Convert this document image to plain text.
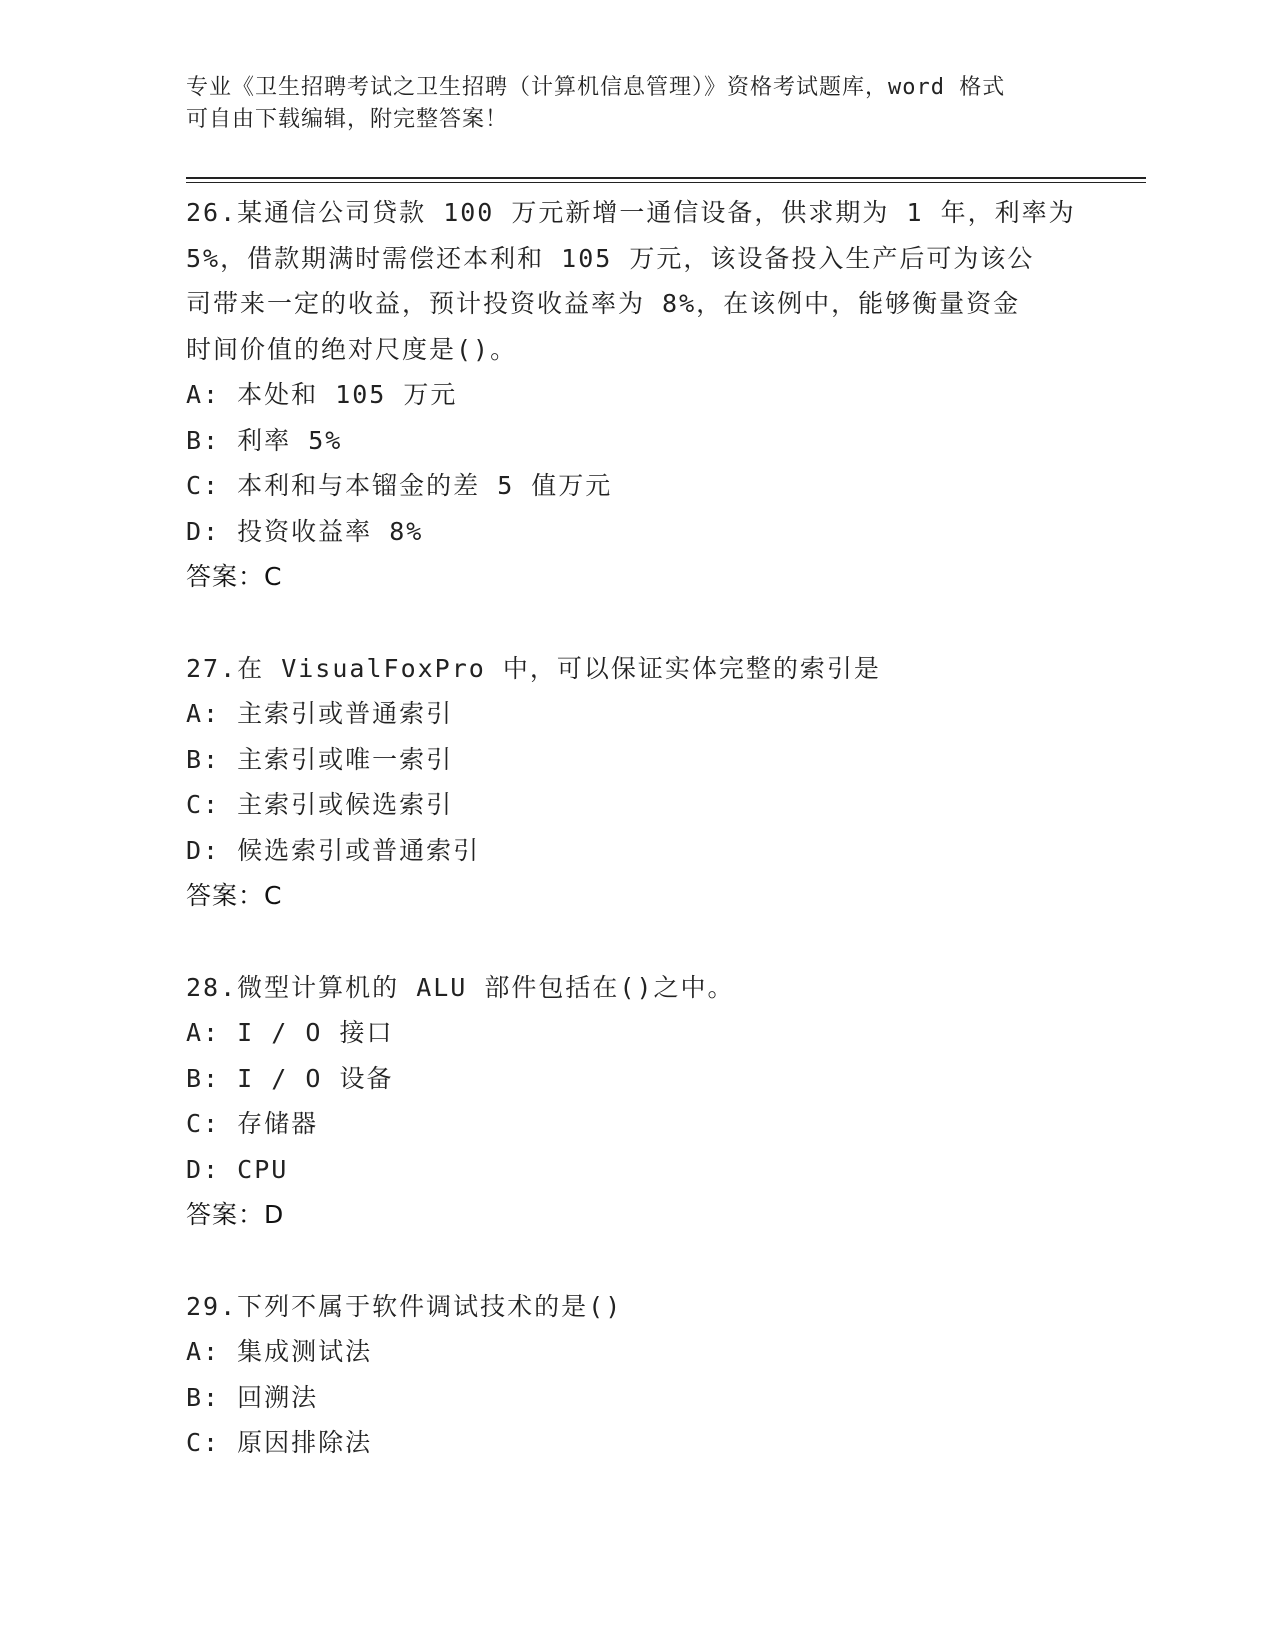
专业《卫生招聘考试之卫生招聘（计算机信息管理）》资格考试题库，word 格式
可自由下载编辑，附完整答案！

26.某通信公司贷款 100 万元新增一通信设备，供求期为 1 年，利率为

5%，借款期满时需偿还本利和 105 万元，该设备投入生产后可为该公

司带来一定的收益，预计投资收益率为 8%，在该例中，能够衡量资金

时间价值的绝对尺度是()。

A: 本处和 105 万元

B: 利率 5%

C: 本利和与本镏金的差 5 值万元

D: 投资收益率 8%

答案：C

27.在 VisualFoxPro 中，可以保证实体完整的索引是

A: 主索引或普通索引

B: 主索引或唯一索引

C: 主索引或候选索引

D: 候选索引或普通索引

答案：C

28.微型计算机的 ALU 部件包括在()之中。

A: I / O 接口

B: I / O 设备

C: 存储器

D: CPU

答案：D

29.下列不属于软件调试技术的是()

A: 集成测试法

B: 回溯法

C: 原因排除法
